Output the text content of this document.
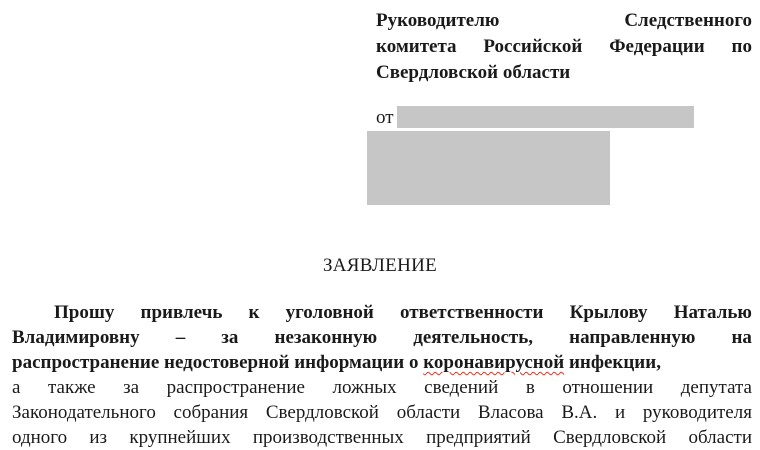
Руководителю	Следственного
комитета Российской Федерации по
Свердловской области
от
ЗАЯВЛЕНИЕ
Прошу привлечь к уголовной ответственности Крылову Наталью
Владимировну – за незаконную деятельность, направленную на
распространение недостоверной информации о
коронавирусной
инфекции,
а также за распространение ложных сведений в отношении депутата
Законодательного собрания Свердловской области Власова В.А. и руководителя
одного из крупнейших производственных предприятий Свердловской области
